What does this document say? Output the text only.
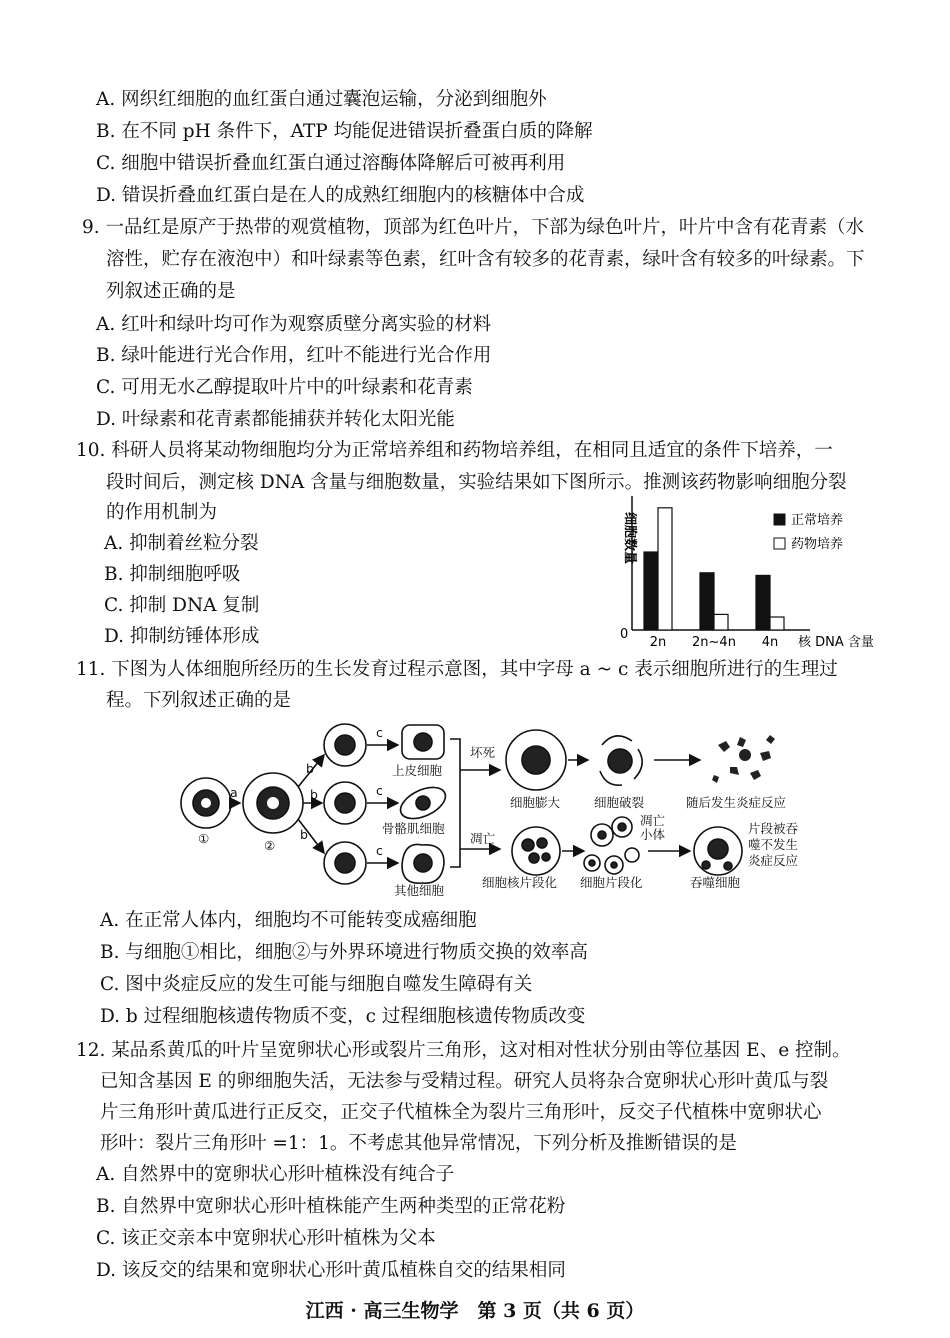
A. 网织红细胞的血红蛋白通过囊泡运输，分泌到细胞外
B. 在不同 pH 条件下，ATP 均能促进错误折叠蛋白质的降解
C. 细胞中错误折叠血红蛋白通过溶酶体降解后可被再利用
D. 错误折叠血红蛋白是在人的成熟红细胞内的核糖体中合成
9. 一品红是原产于热带的观赏植物，顶部为红色叶片，下部为绿色叶片，叶片中含有花青素（水
溶性，贮存在液泡中）和叶绿素等色素，红叶含有较多的花青素，绿叶含有较多的叶绿素。下
列叙述正确的是
A. 红叶和绿叶均可作为观察质壁分离实验的材料
B. 绿叶能进行光合作用，红叶不能进行光合作用
C. 可用无水乙醇提取叶片中的叶绿素和花青素
D. 叶绿素和花青素都能捕获并转化太阳光能
10. 科研人员将某动物细胞均分为正常培养组和药物培养组，在相同且适宜的条件下培养，一
段时间后，测定核 DNA 含量与细胞数量，实验结果如下图所示。推测该药物影响细胞分裂
的作用机制为
A. 抑制着丝粒分裂
B. 抑制细胞呼吸
C. 抑制 DNA 复制
D. 抑制纺锤体形成
细胞数量
0
2n 2n~4n 4n 核 DNA 含量
正常培养
药物培养
11. 下图为人体细胞所经历的生长发育过程示意图，其中字母 a ~ c 表示细胞所进行的生理过
程。下列叙述正确的是
①	②
a
b
b
b
c
c
c
上皮细胞
骨骼肌细胞
其他细胞
坏死
凋亡
细胞膨大	细胞破裂	随后发生炎症反应
凋亡
小体
细胞核片段化 细胞片段化	吞噬细胞
片段被吞
噬不发生
炎症反应
A. 在正常人体内，细胞均不可能转变成癌细胞
B. 与细胞①相比，细胞②与外界环境进行物质交换的效率高
C. 图中炎症反应的发生可能与细胞自噬发生障碍有关
D. b 过程细胞核遗传物质不变，c 过程细胞核遗传物质改变
12. 某品系黄瓜的叶片呈宽卵状心形或裂片三角形，这对相对性状分别由等位基因 E、e 控制。
已知含基因 E 的卵细胞失活，无法参与受精过程。研究人员将杂合宽卵状心形叶黄瓜与裂
片三角形叶黄瓜进行正反交，正交子代植株全为裂片三角形叶，反交子代植株中宽卵状心
形叶：裂片三角形叶 =1：1。不考虑其他异常情况，下列分析及推断错误的是
A. 自然界中的宽卵状心形叶植株没有纯合子
B. 自然界中宽卵状心形叶植株能产生两种类型的正常花粉
C. 该正交亲本中宽卵状心形叶植株为父本
D. 该反交的结果和宽卵状心形叶黄瓜植株自交的结果相同
江西 · 高三生物学　第 3 页（共 6 页）
